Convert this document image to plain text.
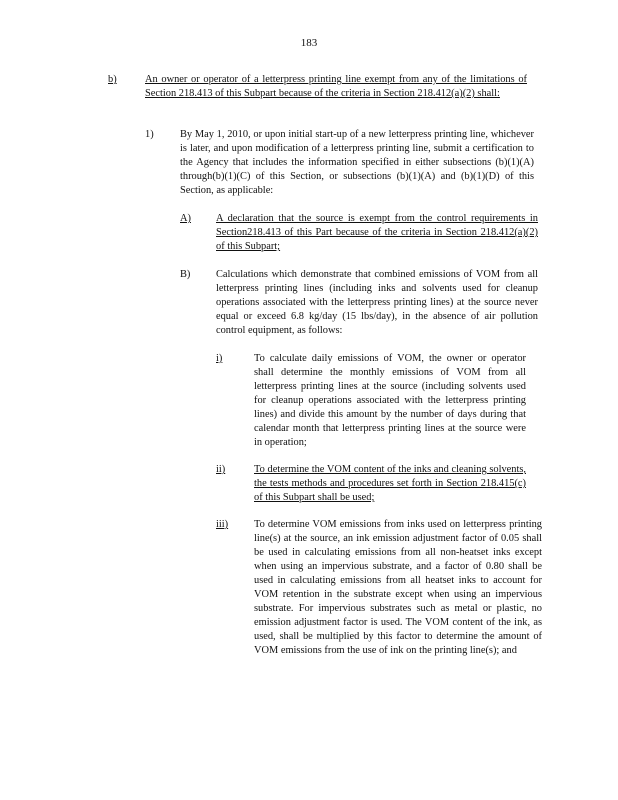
183
b)	An owner or operator of a letterpress printing line exempt from any of the limitations of Section 218.413 of this Subpart because of the criteria in Section 218.412(a)(2) shall:

1)	By May 1, 2010, or upon initial start-up of a new letterpress printing line, whichever is later, and upon modification of a letterpress printing line, submit a certification to the Agency that includes the information specified in either subsections (b)(1)(A) through(b)(1)(C) of this Section, or subsections (b)(1)(A) and (b)(1)(D) of this Section, as applicable:

A) A declaration that the source is exempt from the control requirements in Section218.413 of this Part because of the criteria in Section 218.412(a)(2) of this Subpart;

B) Calculations which demonstrate that combined emissions of VOM from all letterpress printing lines (including inks and solvents used for cleanup operations associated with the letterpress printing lines) at the source never equal or exceed 6.8 kg/day (15 lbs/day), in the absence of air pollution control equipment, as follows:

i)	To calculate daily emissions of VOM, the owner or operator shall determine the monthly emissions of VOM from all letterpress printing lines at the source (including solvents used for cleanup operations associated with the letterpress printing lines) and divide this amount by the number of days during that calendar month that letterpress printing lines at the source were in operation;

ii)	To determine the VOM content of the inks and cleaning solvents, the tests methods and procedures set forth in Section 218.415(c) of this Subpart shall be used;

iii) To determine VOM emissions from inks used on letterpress printing line(s) at the source, an ink emission adjustment factor of 0.05 shall be used in calculating emissions from all non-heatset inks except when using an impervious substrate, and a factor of 0.80 shall be used in calculating emissions from all heatset inks to account for VOM retention in the substrate except when using an impervious substrate. For impervious substrates such as metal or plastic, no emission adjustment factor is used. The VOM content of the ink, as used, shall be multiplied by this factor to determine the amount of VOM emissions from the use of ink on the printing line(s); and
